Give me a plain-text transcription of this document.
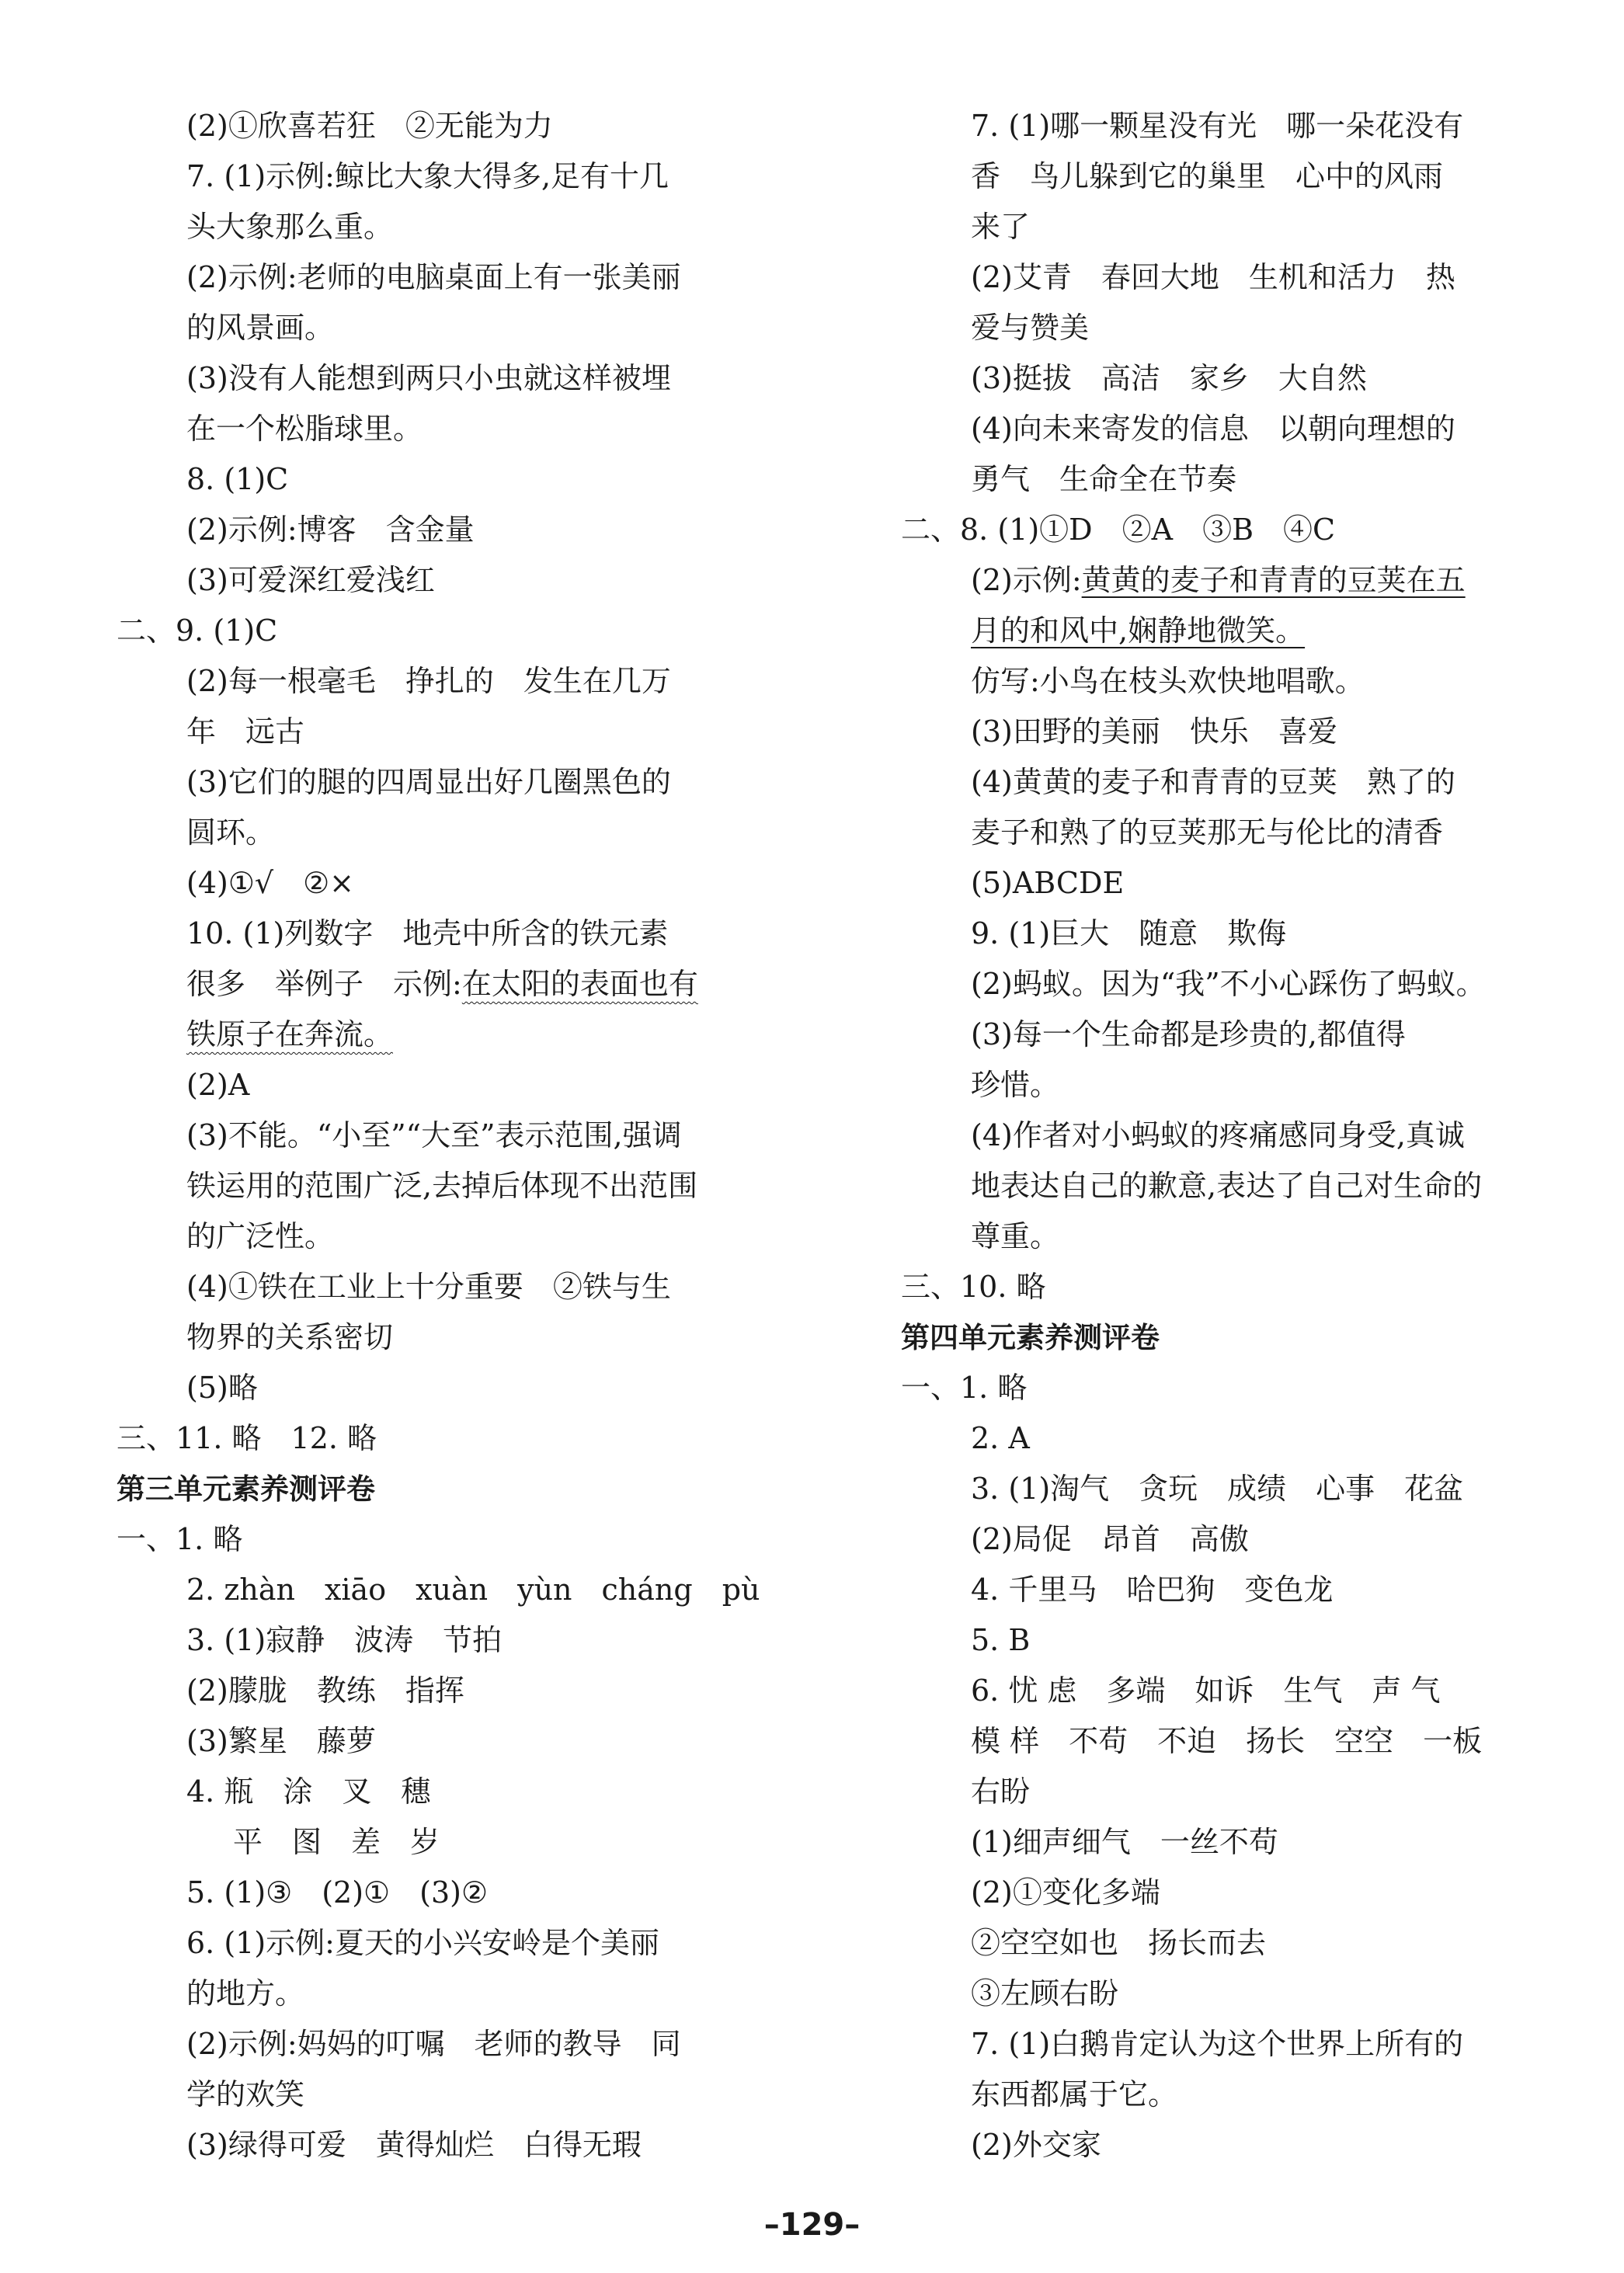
(2)①欣喜若狂　②无能为力
7. (1)示例:鲸比大象大得多,足有十几
头大象那么重。
(2)示例:老师的电脑桌面上有一张美丽
的风景画。
(3)没有人能想到两只小虫就这样被埋
在一个松脂球里。
8. (1)C
(2)示例:博客　含金量
(3)可爱深红爱浅红
二、9. (1)C
(2)每一根毫毛　挣扎的　发生在几万
年　远古
(3)它们的腿的四周显出好几圈黑色的
圆环。
(4)①√　②×
10. (1)列数字　地壳中所含的铁元素
很多　举例子　示例:在太阳的表面也有
铁原子在奔流。
(2)A
(3)不能。“小至”“大至”表示范围,强调
铁运用的范围广泛,去掉后体现不出范围
的广泛性。
(4)①铁在工业上十分重要　②铁与生
物界的关系密切
(5)略
三、11. 略　12. 略
第三单元素养测评卷
一、1. 略
2. zhàn　xiāo　xuàn　yùn　cháng　pù
3. (1)寂静　波涛　节拍
(2)朦胧　教练　指挥
(3)繁星　藤萝
4. 瓶　涂　叉　穗
平　图　差　岁
5. (1)③　(2)①　(3)②
6. (1)示例:夏天的小兴安岭是个美丽
的地方。
(2)示例:妈妈的叮嘱　老师的教导　同
学的欢笑
(3)绿得可爱　黄得灿烂　白得无瑕
7. (1)哪一颗星没有光　哪一朵花没有
香　鸟儿躲到它的巢里　心中的风雨
来了
(2)艾青　春回大地　生机和活力　热
爱与赞美
(3)挺拔　高洁　家乡　大自然
(4)向未来寄发的信息　以朝向理想的
勇气　生命全在节奏
二、8. (1)①D　②A　③B　④C
(2)示例:黄黄的麦子和青青的豆荚在五
月的和风中,娴静地微笑。
仿写:小鸟在枝头欢快地唱歌。
(3)田野的美丽　快乐　喜爱
(4)黄黄的麦子和青青的豆荚　熟了的
麦子和熟了的豆荚那无与伦比的清香
(5)ABCDE
9. (1)巨大　随意　欺侮
(2)蚂蚁。因为“我”不小心踩伤了蚂蚁。
(3)每一个生命都是珍贵的,都值得
珍惜。
(4)作者对小蚂蚁的疼痛感同身受,真诚
地表达自己的歉意,表达了自己对生命的
尊重。
三、10. 略
第四单元素养测评卷
一、1. 略
2. A
3. (1)淘气　贪玩　成绩　心事　花盆
(2)局促　昂首　高傲
4. 千里马　哈巴狗　变色龙
5. B
6. 忧 虑　多端　如诉　生气　声 气
模 样　不苟　不迫　扬长　空空　一板
右盼
(1)细声细气　一丝不苟
(2)①变化多端
②空空如也　扬长而去
③左顾右盼
7. (1)白鹅肯定认为这个世界上所有的
东西都属于它。
(2)外交家
–129–
